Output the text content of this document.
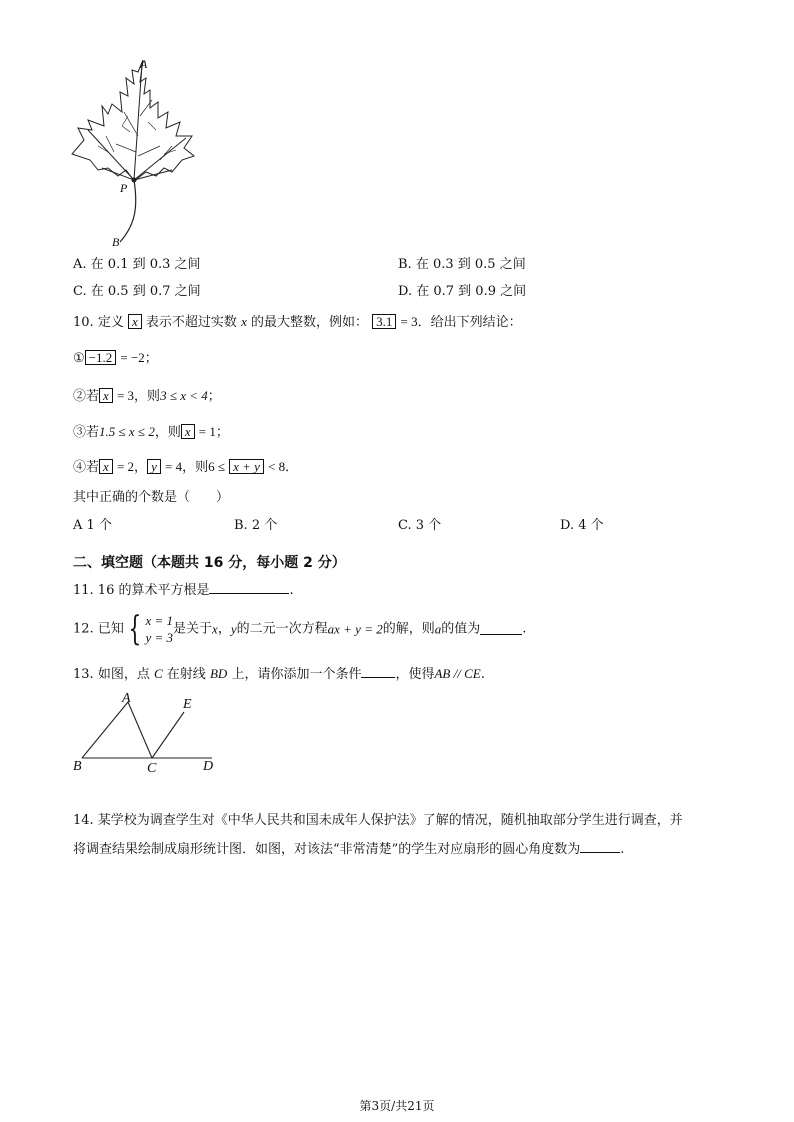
A
P
B
A. 在 0.1 到 0.3 之间	B. 在 0.3 到 0.5 之间
C. 在 0.5 到 0.7 之间	D. 在 0.7 到 0.9 之间
10. 定义 x 表示不超过实数 x 的最大整数，例如： 3.1 = 3．给出下列结论：
① −1.2 = −2；
②若 x = 3，则3 ≤ x < 4；
③若1.5 ≤ x ≤ 2，则 x = 1；
④若 x = 2， y = 4，则6 ≤ x + y < 8．
其中正确的个数是（　　）
A 1 个	B. 2 个	C. 3 个	D. 4 个
二、填空题（本题共 16 分，每小题 2 分）
11. 16 的算术平方根是	.
12. 已知 { x = 1
y = 3
是关于x，y的二元一次方程ax + y = 2的解，则a的值为	.
13. 如图，点 C 在射线 BD 上，请你添加一个条件	，使得AB // CE.
A	E
B	C	D
14. 某学校为调查学生对《中华人民共和国未成年人保护法》了解的情况，随机抽取部分学生进行调查，并
将调查结果绘制成扇形统计图．如图，对该法“非常清楚”的学生对应扇形的圆心角度数为	.
第3页/共21页
